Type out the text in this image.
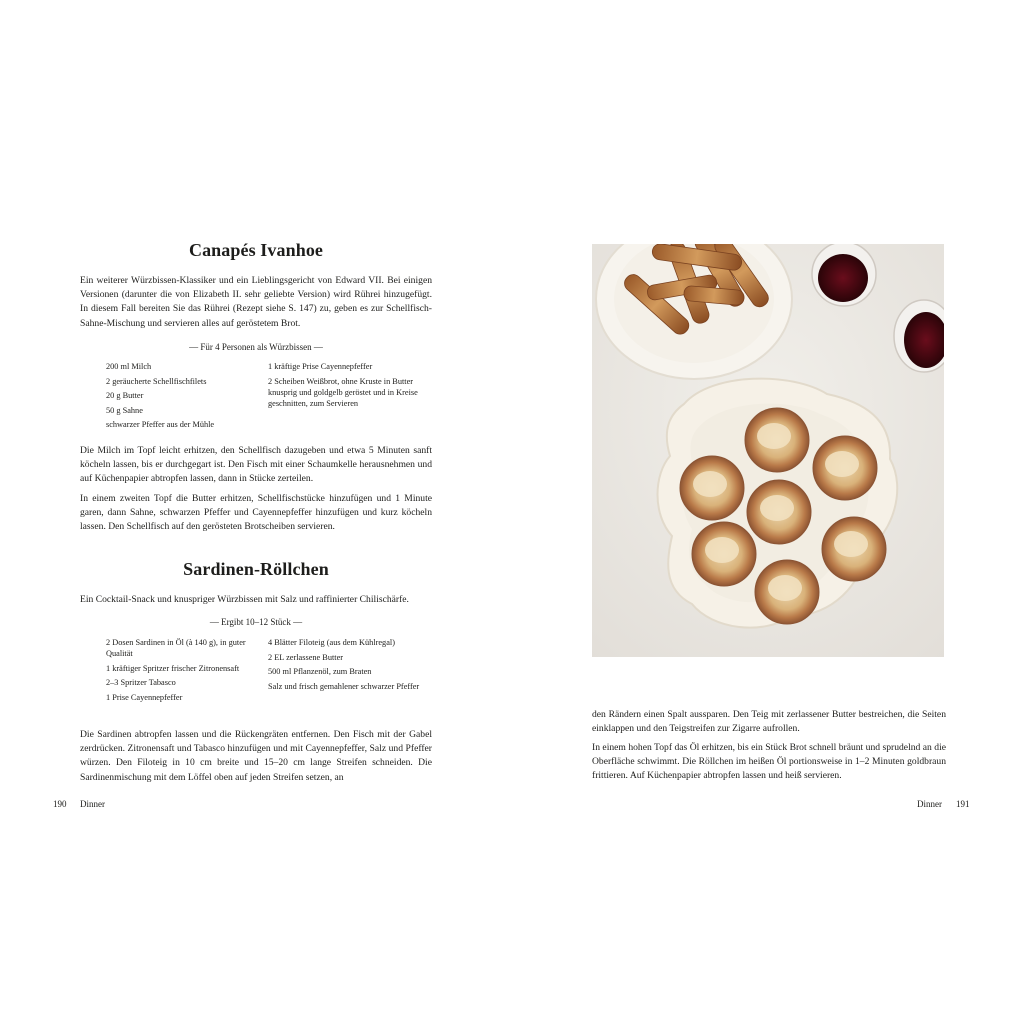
Canapés Ivanhoe

Ein weiterer Würzbissen-Klassiker und ein Lieblingsgericht von Edward VII. Bei einigen Versionen (darunter die von Elizabeth II. sehr geliebte Version) wird Rührei hinzugefügt. In diesem Fall bereiten Sie das Rührei (Rezept siehe S. 147) zu, geben es zur Schellfisch-Sahne-Mischung und servieren alles auf geröstetem Brot.

— Für 4 Personen als Würzbissen —

200 ml Milch
2 geräucherte Schellfischfilets
20 g Butter
50 g Sahne
schwarzer Pfeffer aus der Mühle
1 kräftige Prise Cayennepfeffer
2 Scheiben Weißbrot, ohne Kruste in Butter knusprig und goldgelb geröstet und in Kreise geschnitten, zum Servieren

Die Milch im Topf leicht erhitzen, den Schellfisch dazugeben und etwa 5 Minuten sanft köcheln lassen, bis er durchgegart ist. Den Fisch mit einer Schaumkelle herausnehmen und auf Küchenpapier abtropfen lassen, dann in Stücke zerteilen.

In einem zweiten Topf die Butter erhitzen, Schellfischstücke hinzufügen und 1 Minute garen, dann Sahne, schwarzen Pfeffer und Cayennepfeffer hinzufügen und kurz köcheln lassen. Den Schellfisch auf den gerösteten Brotscheiben servieren.

Sardinen-Röllchen

Ein Cocktail-Snack und knuspriger Würzbissen mit Salz und raffinierter Chilischärfe.

— Ergibt 10–12 Stück —

2 Dosen Sardinen in Öl (à 140 g), in guter Qualität
1 kräftiger Spritzer frischer Zitronensaft
2–3 Spritzer Tabasco
1 Prise Cayennepfeffer
4 Blätter Filoteig (aus dem Kühlregal)
2 EL zerlassene Butter
500 ml Pflanzenöl, zum Braten
Salz und frisch gemahlener schwarzer Pfeffer

Die Sardinen abtropfen lassen und die Rückengräten entfernen. Den Fisch mit der Gabel zerdrücken. Zitronensaft und Tabasco hinzufügen und mit Cayennepfeffer, Salz und Pfeffer würzen. Den Filoteig in 10 cm breite und 15–20 cm lange Streifen schneiden. Die Sardinenmischung mit dem Löffel oben auf jeden Streifen setzen, an

190 Dinner

den Rändern einen Spalt aussparen. Den Teig mit zerlassener Butter bestreichen, die Seiten einklappen und den Teigstreifen zur Zigarre aufrollen.

In einem hohen Topf das Öl erhitzen, bis ein Stück Brot schnell bräunt und sprudelnd an die Oberfläche schwimmt. Die Röllchen im heißen Öl portionsweise in 1–2 Minuten goldbraun frittieren. Auf Küchenpapier abtropfen lassen und heiß servieren.

Dinner 191
